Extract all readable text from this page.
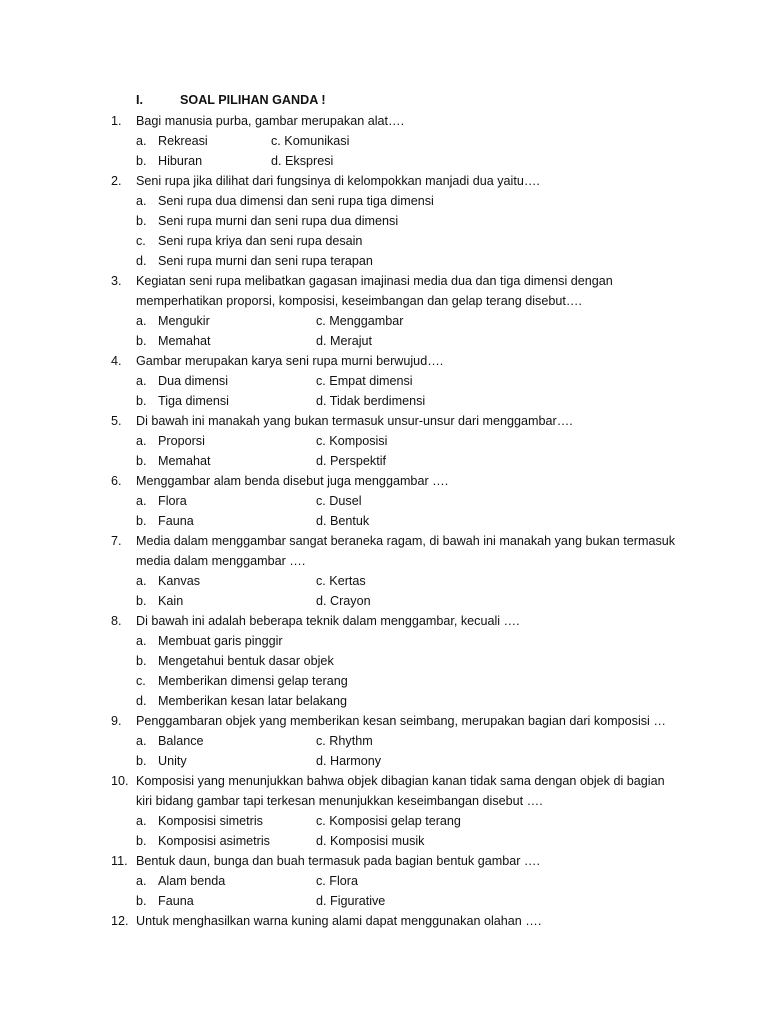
I.	SOAL PILIHAN GANDA !
1.	Bagi manusia purba, gambar merupakan alat….
a. Rekreasi	c. Komunikasi
b. Hiburan	d. Ekspresi
2.	Seni rupa jika dilihat dari fungsinya di kelompokkan manjadi dua yaitu….
a. Seni rupa dua dimensi dan seni rupa tiga dimensi
b. Seni rupa murni dan seni rupa dua dimensi
c. Seni rupa kriya dan seni rupa desain
d. Seni rupa murni dan seni rupa terapan
3.	Kegiatan seni rupa melibatkan gagasan imajinasi media dua dan tiga dimensi dengan
memperhatikan proporsi, komposisi, keseimbangan dan gelap terang disebut….
a. Mengukir	c. Menggambar
b. Memahat	d. Merajut
4.	Gambar merupakan karya seni rupa murni berwujud….
a. Dua dimensi	c. Empat dimensi
b. Tiga dimensi	d. Tidak berdimensi
5.	Di bawah ini manakah yang bukan termasuk unsur-unsur dari menggambar….
a. Proporsi	c. Komposisi
b. Memahat	d. Perspektif
6.	Menggambar alam benda disebut juga menggambar ….
a. Flora	c. Dusel
b. Fauna	d. Bentuk
7.	Media dalam menggambar sangat beraneka ragam, di bawah ini manakah yang bukan termasuk
media dalam menggambar ….
a. Kanvas	c. Kertas
b. Kain	d. Crayon
8.	Di bawah ini adalah beberapa teknik dalam menggambar, kecuali ….
a. Membuat garis pinggir
b. Mengetahui bentuk dasar objek
c. Memberikan dimensi gelap terang
d. Memberikan kesan latar belakang
9.	Penggambaran objek yang memberikan kesan seimbang, merupakan bagian dari komposisi …
a. Balance	c. Rhythm
b. Unity	d. Harmony
10. Komposisi yang menunjukkan bahwa objek dibagian kanan tidak sama dengan objek di bagian
kiri bidang gambar tapi terkesan menunjukkan keseimbangan disebut ….
a. Komposisi simetris	c. Komposisi gelap terang
b. Komposisi asimetris	d. Komposisi musik
11. Bentuk daun, bunga dan buah termasuk pada bagian bentuk gambar ….
a. Alam benda	c. Flora
b. Fauna	d. Figurative
12. Untuk menghasilkan warna kuning alami dapat menggunakan olahan ….
